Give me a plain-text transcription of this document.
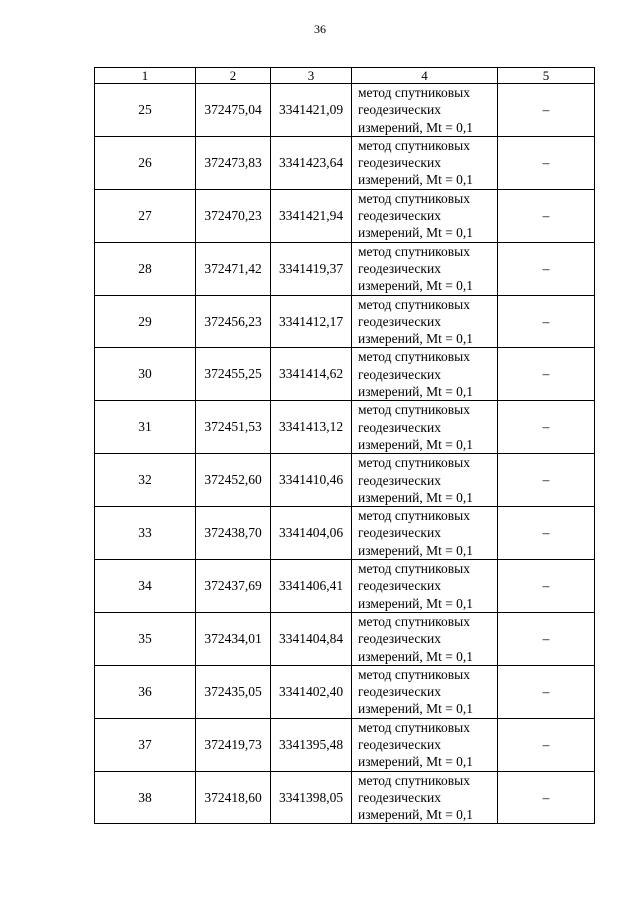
36
1	2	3	4	5
25	372475,04	3341421,09	метод спутниковых
геодезических
измерений, Mt = 0,1	–
26	372473,83	3341423,64	метод спутниковых
геодезических
измерений, Mt = 0,1	–
27	372470,23	3341421,94	метод спутниковых
геодезических
измерений, Mt = 0,1	–
28	372471,42	3341419,37	метод спутниковых
геодезических
измерений, Mt = 0,1	–
29	372456,23	3341412,17	метод спутниковых
геодезических
измерений, Mt = 0,1	–
30	372455,25	3341414,62	метод спутниковых
геодезических
измерений, Mt = 0,1	–
31	372451,53	3341413,12	метод спутниковых
геодезических
измерений, Mt = 0,1	–
32	372452,60	3341410,46	метод спутниковых
геодезических
измерений, Mt = 0,1	–
33	372438,70	3341404,06	метод спутниковых
геодезических
измерений, Mt = 0,1	–
34	372437,69	3341406,41	метод спутниковых
геодезических
измерений, Mt = 0,1	–
35	372434,01	3341404,84	метод спутниковых
геодезических
измерений, Mt = 0,1	–
36	372435,05	3341402,40	метод спутниковых
геодезических
измерений, Mt = 0,1	–
37	372419,73	3341395,48	метод спутниковых
геодезических
измерений, Mt = 0,1	–
38	372418,60	3341398,05	метод спутниковых
геодезических
измерений, Mt = 0,1	–
